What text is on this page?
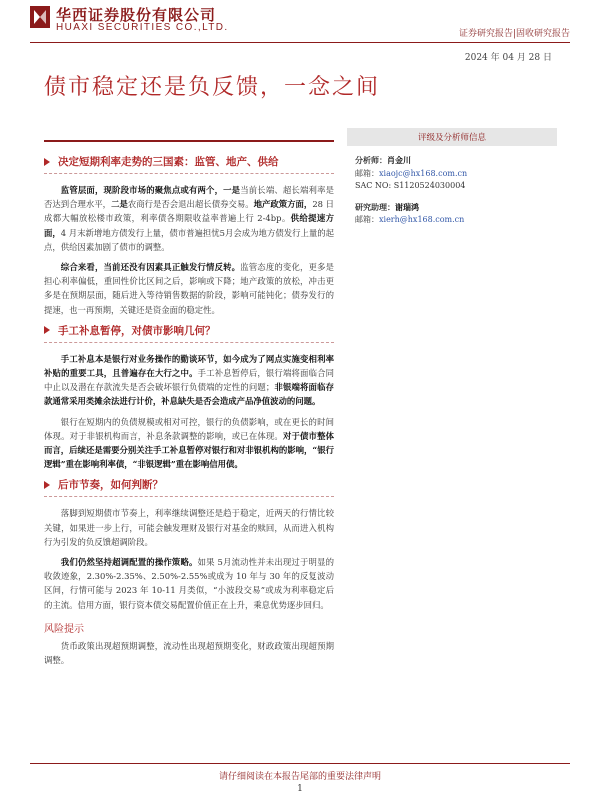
华西证券股份有限公司
HUAXI SECURITIES CO.,LTD.
证券研究报告|固收研究报告
2024 年 04 月 28 日
债市稳定还是负反馈，一念之间
决定短期利率走势的三国素：监管、地产、供给

监管层面，现阶段市场的聚焦点或有两个，一是当前长端、超长端利率是否达到合理水平，二是农商行是否会退出超长债券交易。地产政策方面，28 日成都大幅放松楼市政策，利率债各期限收益率普遍上行 2-4bp。供给提速方面，4 月末新增地方债发行上量，债市普遍担忧5月会成为地方债发行上量的起点，供给因素加剧了债市的调整。

综合来看，当前还没有因素具正触发行情反转。监管态度的变化，更多是担心利率偏低，重回性价比区间之后，影响或下降；地产政策的放松，冲击更多是在预期层面，随后进入等待销售数据的阶段，影响可能钝化；债券发行的提速，也一再预期，关键还是资金面的稳定性。

手工补息暂停，对债市影响几何？

手工补息本是银行对业务操作的勤谈环节，如今成为了网点实施变相利率补贴的重要工具，且普遍存在大行之中。手工补息暂停后，银行端将面临合同中止以及潜在存款流失是否会破坏银行负债端的定性的问题；非银端将面临存款通常采用类摊余法进行计价，补息缺失是否会造成产品净值波动的问题。

银行在短期内的负债规模或相对可控，银行的负债影响，或在更长的时间体现。对于非银机构而言，补息条款调整的影响，或已在体现。对于债市整体而言，后续还是需要分别关注手工补息暂停对银行和对非银机构的影响，“银行逻辑”重在影响利率债，“非银逻辑”重在影响信用债。

后市节奏，如何判断？

落脚到短期债市节奏上，利率继续调整还是趋于稳定，近两天的行情比较关键，如果进一步上行，可能会触发理财及银行对基金的赎回，从而进入机构行为引发的负反馈超调阶段。

我们仍然坚持超调配置的操作策略。如果 5月流动性并未出现过于明显的收敛迹象，2.30%-2.35%、2.50%-2.55%或成为 10 年与 30 年的反复波动区间，行情可能与 2023 年 10-11 月类似，“小波段交易”或成为利率稳定后的主流。信用方面，银行资本债交易配置价值正在上升，乘息优势逐步回归。

风险提示

货币政策出现超预期调整，流动性出现超预期变化，财政政策出现超预期调整。

评级及分析师信息
分析师：肖金川
邮箱：xiaojc@hx168.com.cn
SAC NO: S1120524030004
研究助理：谢瑞鸿
邮箱：xierh@hx168.com.cn
请仔细阅读在本报告尾部的重要法律声明
1
